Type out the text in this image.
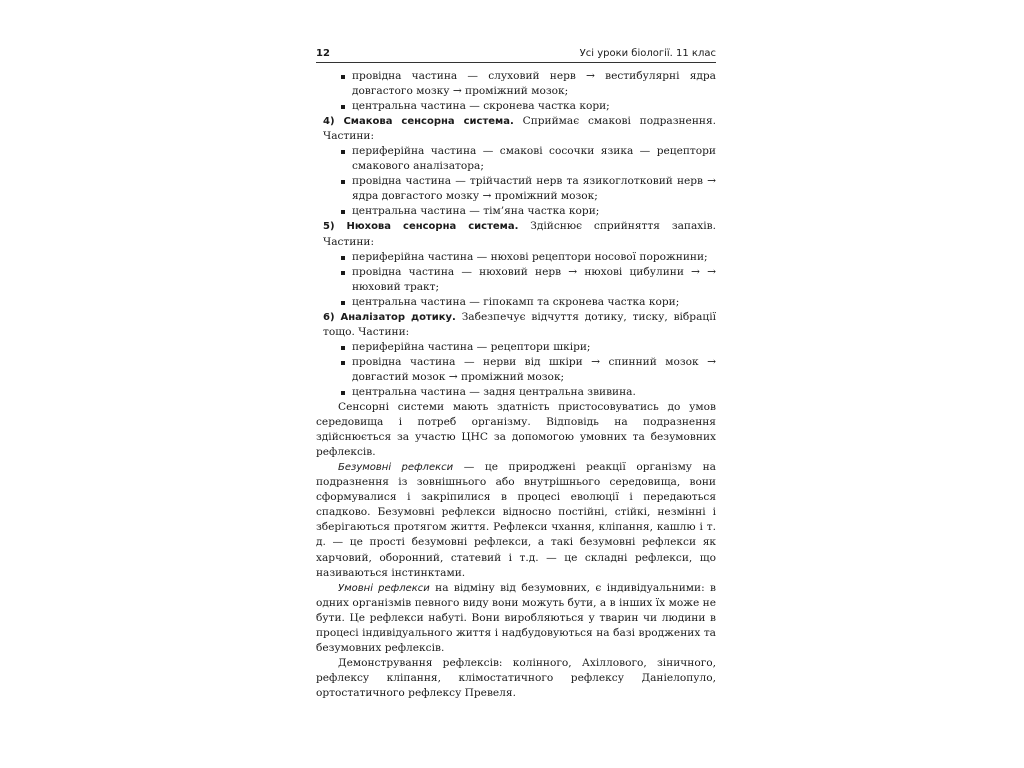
12	Усі уроки біології. 11 клас
провідна частина — слуховий нерв → вестибулярні ядра довгастого мозку → проміжний мозок;
центральна частина — скронева частка кори;
4) Смакова сенсорна система. Сприймає смакові подразнення. Частини:
периферійна частина — смакові сосочки язика — рецептори смакового аналізатора;
провідна частина — трійчастий нерв та язикоглотковий нерв → ядра довгастого мозку → проміжний мозок;
центральна частина — тім’яна частка кори;
5) Нюхова сенсорна система. Здійснює сприйняття запахів. Частини:
периферійна частина — нюхові рецептори носової порожнини;
провідна частина — нюховий нерв → нюхові цибулини → → нюховий тракт;
центральна частина — гіпокамп та скронева частка кори;
6) Аналізатор дотику. Забезпечує відчуття дотику, тиску, вібрації тощо. Частини:
периферійна частина — рецептори шкіри;
провідна частина — нерви від шкіри → спинний мозок → довгастий мозок → проміжний мозок;
центральна частина — задня центральна звивина.
Сенсорні системи мають здатність пристосовуватись до умов середовища і потреб організму. Відповідь на подразнення здійснюється за участю ЦНС за допомогою умовних та безумовних рефлексів.
Безумовні рефлекси — це природжені реакції організму на подразнення із зовнішнього або внутрішнього середовища, вони сформувалися і закріпилися в процесі еволюції і передаються спадково. Безумовні рефлекси відносно постійні, стійкі, незмінні і зберігаються протягом життя. Рефлекси чхання, кліпання, кашлю і т. д. — це прості безумовні рефлекси, а такі безумовні рефлекси як харчовий, оборонний, статевий і т.д. — це складні рефлекси, що називаються інстинктами.
Умовні рефлекси на відміну від безумовних, є індивідуальними: в одних організмів певного виду вони можуть бути, а в інших їх може не бути. Це рефлекси набуті. Вони виробляються у тварин чи людини в процесі індивідуального життя і надбудовуються на базі вроджених та безумовних рефлексів.
Демонстрування рефлексів: колінного, Ахіллового, зіничного, рефлексу кліпання, клімостатичного рефлексу Даніелопуло, ортостатичного рефлексу Превеля.
